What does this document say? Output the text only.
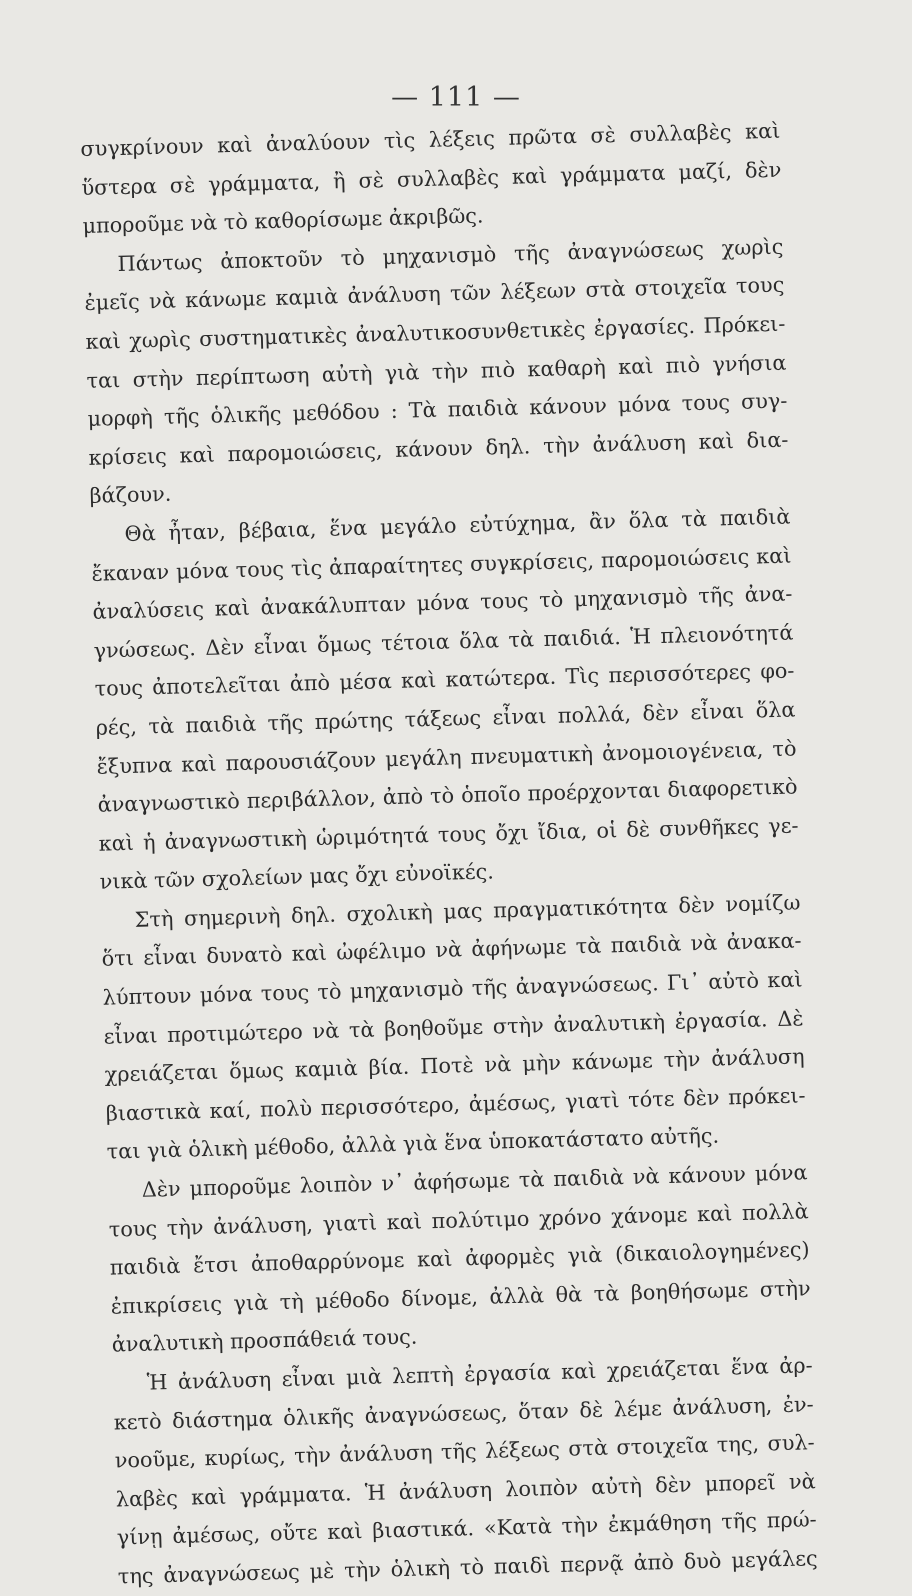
— 111 —
συγκρίνουν καὶ ἀναλύουν τὶς λέξεις πρῶτα σὲ συλλαβὲς καὶ
ὕστερα σὲ γράμματα, ἢ σὲ συλλαβὲς καὶ γράμματα μαζί, δὲν
μποροῦμε νὰ τὸ καθορίσωμε ἀκριβῶς.
Πάντως ἀποκτοῦν τὸ μηχανισμὸ τῆς ἀναγνώσεως χωρὶς
ἐμεῖς νὰ κάνωμε καμιὰ ἀνάλυση τῶν λέξεων στὰ στοιχεῖα τους
καὶ χωρὶς συστηματικὲς ἀναλυτικοσυνθετικὲς ἐργασίες. Πρόκει-
ται στὴν περίπτωση αὐτὴ γιὰ τὴν πιὸ καθαρὴ καὶ πιὸ γνήσια
μορφὴ τῆς ὁλικῆς μεθόδου : Τὰ παιδιὰ κάνουν μόνα τους συγ-
κρίσεις καὶ παρομοιώσεις, κάνουν δηλ. τὴν ἀνάλυση καὶ δια-
βάζουν.
Θὰ ἦταν, βέβαια, ἕνα μεγάλο εὐτύχημα, ἂν ὅλα τὰ παιδιὰ
ἔκαναν μόνα τους τὶς ἀπαραίτητες συγκρίσεις, παρομοιώσεις καὶ
ἀναλύσεις καὶ ἀνακάλυπταν μόνα τους τὸ μηχανισμὸ τῆς ἀνα-
γνώσεως. Δὲν εἶναι ὅμως τέτοια ὅλα τὰ παιδιά. Ἡ πλειονότητά
τους ἀποτελεῖται ἀπὸ μέσα καὶ κατώτερα. Τὶς περισσότερες φο-
ρές, τὰ παιδιὰ τῆς πρώτης τάξεως εἶναι πολλά, δὲν εἶναι ὅλα
ἔξυπνα καὶ παρουσιάζουν μεγάλη πνευματικὴ ἀνομοιογένεια, τὸ
ἀναγνωστικὸ περιβάλλον, ἀπὸ τὸ ὁποῖο προέρχονται διαφορετικὸ
καὶ ἡ ἀναγνωστικὴ ὡριμότητά τους ὄχι ἴδια, οἱ δὲ συνθῆκες γε-
νικὰ τῶν σχολείων μας ὄχι εὐνοϊκές.
Στὴ σημερινὴ δηλ. σχολικὴ μας πραγματικότητα δὲν νομίζω
ὅτι εἶναι δυνατὸ καὶ ὠφέλιμο νὰ ἀφήνωμε τὰ παιδιὰ νὰ ἀνακα-
λύπτουν μόνα τους τὸ μηχανισμὸ τῆς ἀναγνώσεως. Γι᾿ αὐτὸ καὶ
εἶναι προτιμώτερο νὰ τὰ βοηθοῦμε στὴν ἀναλυτικὴ ἐργασία. Δὲ
χρειάζεται ὅμως καμιὰ βία. Ποτὲ νὰ μὴν κάνωμε τὴν ἀνάλυση
βιαστικὰ καί, πολὺ περισσότερο, ἀμέσως, γιατὶ τότε δὲν πρόκει-
ται γιὰ ὁλικὴ μέθοδο, ἀλλὰ γιὰ ἕνα ὑποκατάστατο αὐτῆς.
Δὲν μποροῦμε λοιπὸν ν᾿ ἀφήσωμε τὰ παιδιὰ νὰ κάνουν μόνα
τους τὴν ἀνάλυση, γιατὶ καὶ πολύτιμο χρόνο χάνομε καὶ πολλὰ
παιδιὰ ἔτσι ἀποθαρρύνομε καὶ ἀφορμὲς γιὰ (δικαιολογημένες)
ἐπικρίσεις γιὰ τὴ μέθοδο δίνομε, ἀλλὰ θὰ τὰ βοηθήσωμε στὴν
ἀναλυτικὴ προσπάθειά τους.
Ἡ ἀνάλυση εἶναι μιὰ λεπτὴ ἐργασία καὶ χρειάζεται ἕνα ἀρ-
κετὸ διάστημα ὁλικῆς ἀναγνώσεως, ὅταν δὲ λέμε ἀνάλυση, ἐν-
νοοῦμε, κυρίως, τὴν ἀνάλυση τῆς λέξεως στὰ στοιχεῖα της, συλ-
λαβὲς καὶ γράμματα. Ἡ ἀνάλυση λοιπὸν αὐτὴ δὲν μπορεῖ νὰ
γίνῃ ἀμέσως, οὔτε καὶ βιαστικά. «Κατὰ τὴν ἐκμάθηση τῆς πρώ-
της ἀναγνώσεως μὲ τὴν ὁλικὴ τὸ παιδὶ περνᾷ ἀπὸ δυὸ μεγάλες
